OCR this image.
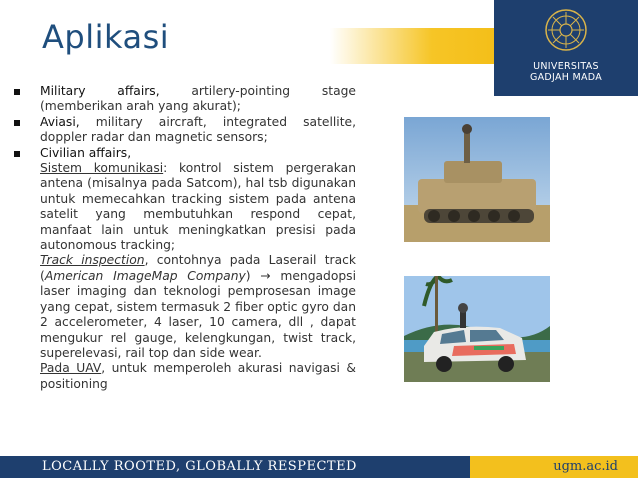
Aplikasi
UNIVERSITAS
GADJAH MADA
Military affairs, artilery-pointing stage (memberikan arah yang akurat);
Aviasi, military aircraft, integrated satellite, doppler radar dan magnetic sensors;
Civilian affairs,
Sistem komunikasi: kontrol sistem pergerakan antena (misalnya pada Satcom), hal tsb digunakan untuk memecahkan tracking sistem pada antena satelit yang membutuhkan respond cepat, manfaat lain untuk meningkatkan presisi pada autonomous tracking;
Track inspection, contohnya pada Laserail track (American ImageMap Company) → mengadopsi laser imaging dan teknologi pemprosesan image yang cepat, sistem termasuk 2 fiber optic gyro dan 2 accelerometer, 4 laser, 10 camera, dll , dapat mengukur rel gauge, kelengkungan, twist track, superelevasi, rail top dan side wear.
Pada UAV, untuk memperoleh akurasi navigasi & positioning
LOCALLY ROOTED, GLOBALLY RESPECTED	ugm.ac.id
